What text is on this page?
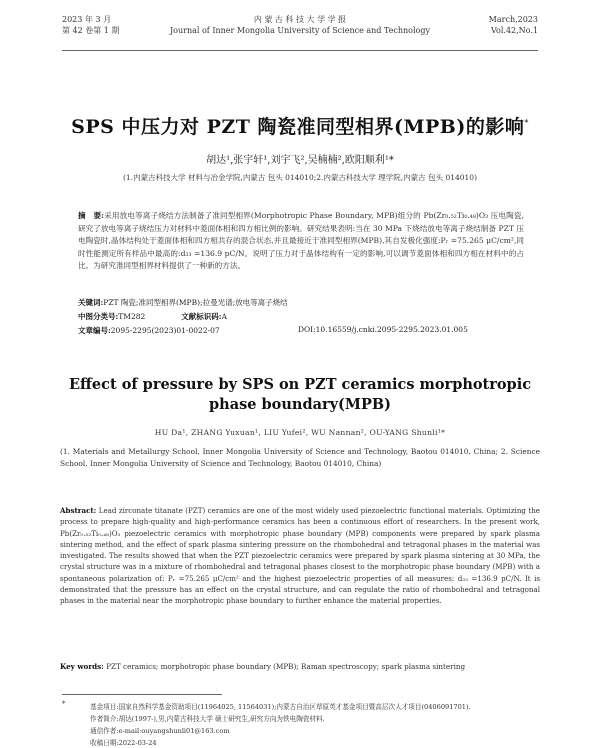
2023 年 3 月
第 42 卷第 1 期
内 蒙 古 科 技 大 学 学 报
Journal of Inner Mongolia University of Science and Technology
March,2023
Vol.42,No.1
SPS 中压力对 PZT 陶瓷准同型相界(MPB)的影响*
胡达¹,张宇轩¹,刘宇飞²,吴楠楠²,欧阳顺利¹*
(1.内蒙古科技大学 材料与冶金学院,内蒙古 包头 014010;2.内蒙古科技大学 理学院,内蒙古 包头 014010)
摘　要:采用放电等离子烧结方法制备了准同型相界(Morphotropic Phase Boundary, MPB)组分的 Pb(Zr₀.₅₂Ti₀.₄₈)O₃ 压电陶瓷,研究了放电等离子烧结压力对材料中菱面体相和四方相比例的影响。研究结果表明:当在 30 MPa 下烧结放电等离子烧结制备 PZT 压电陶瓷时,晶体结构处于菱面体相和四方相共存的混合状态,并且最接近于准同型相界(MPB),其自发极化强度:Pᵣ =75.265 μC/cm²,同时性能测定所有样品中最高的:d₃₃ =136.9 pC/N。说明了压力对于晶体结构有一定的影响,可以调节菱面体相和四方相在材料中的占比。为研究准同型相界材料提供了一种新的方法。
关键词:PZT 陶瓷;准同型相界(MPB);拉曼光谱;放电等离子烧结
中图分类号:TM282	文献标识码:A
文章编号:2095-2295(2023)01-0022-07	DOI:10.16559/j.cnki.2095-2295.2023.01.005
Effect of pressure by SPS on PZT ceramics morphotropic
phase boundary(MPB)
HU Da¹, ZHANG Yuxuan¹, LIU Yufei², WU Nannan², OU-YANG Shunli¹*
(1. Materials and Metallurgy School, Inner Mongolia University of Science and Technology, Baotou 014010, China; 2. Science School, Inner Mongolia University of Science and Technology, Baotou 014010, China)
Abstract: Lead zirconate titanate (PZT) ceramics are one of the most widely used piezoelectric functional materials. Optimizing the process to prepare high-quality and high-performance ceramics has been a continuous effort of researchers. In the present work, Pb(Zr₀.₅₂Ti₀.₄₈)O₃ piezoelectric ceramics with morphotropic phase boundary (MPB) components were prepared by spark plasma sintering method, and the effect of spark plasma sintering pressure on the rhombohedral and tetragonal phases in the material was investigated. The results showed that when the PZT piezoelectric ceramics were prepared by spark plasma sintering at 30 MPa, the crystal structure was in a mixture of rhombohedral and tetragonal phases closest to the morphotropic phase boundary (MPB) with a spontaneous polarization of: Pᵣ =75.265 μC/cm² and the highest piezoelectric properties of all measures: d₃₃ =136.9 pC/N. It is demonstrated that the pressure has an effect on the crystal structure, and can regulate the ratio of rhombohedral and tetragonal phases in the material near the morphotropic phase boundary to further enhance the material properties.
Key words: PZT ceramics; morphotropic phase boundary (MPB); Raman spectroscopy; spark plasma sintering
*	基金项目:国家自然科学基金资助项目(11964025, 11564031);内蒙古自治区草原英才基金项目暨高层次人才项目(0406091701).
作者简介:胡达(1997-),男,内蒙古科技大学 硕士研究生,研究方向为铁电陶瓷材料.
通信作者:e-mail:ouyangshunli01@163.com
收稿日期:2022-03-24
